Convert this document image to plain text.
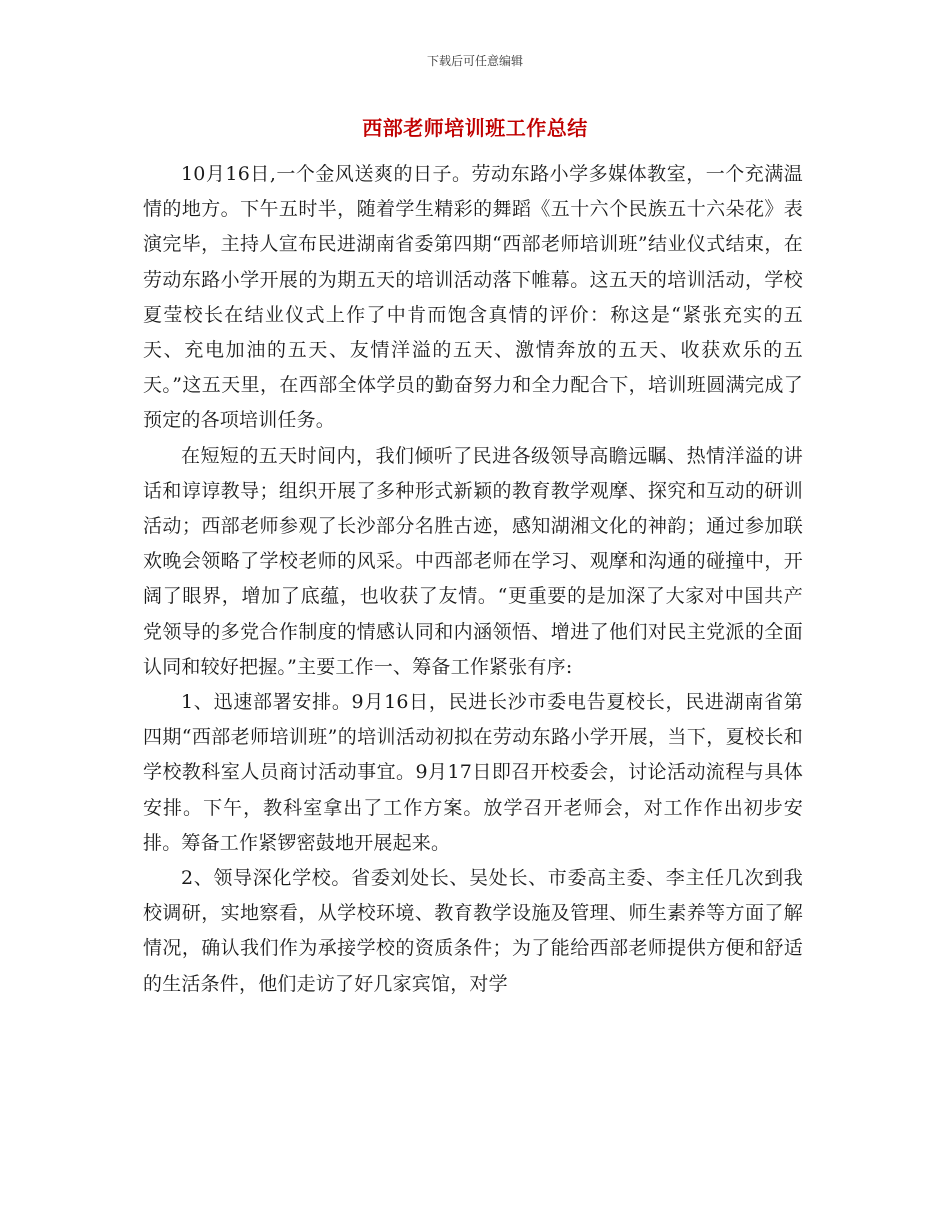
下载后可任意编辑
西部老师培训班工作总结

10月16日,一个金风送爽的日子。劳动东路小学多媒体教室，一个充满温情的地方。下午五时半，随着学生精彩的舞蹈《五十六个民族五十六朵花》表演完毕，主持人宣布民进湖南省委第四期“西部老师培训班”结业仪式结束，在劳动东路小学开展的为期五天的培训活动落下帷幕。这五天的培训活动，学校夏莹校长在结业仪式上作了中肯而饱含真情的评价：称这是“紧张充实的五天、充电加油的五天、友情洋溢的五天、激情奔放的五天、收获欢乐的五天。”这五天里，在西部全体学员的勤奋努力和全力配合下，培训班圆满完成了预定的各项培训任务。

在短短的五天时间内，我们倾听了民进各级领导高瞻远瞩、热情洋溢的讲话和谆谆教导；组织开展了多种形式新颖的教育教学观摩、探究和互动的研训活动；西部老师参观了长沙部分名胜古迹，感知湖湘文化的神韵；通过参加联欢晚会领略了学校老师的风采。中西部老师在学习、观摩和沟通的碰撞中，开阔了眼界，增加了底蕴，也收获了友情。“更重要的是加深了大家对中国共产党领导的多党合作制度的情感认同和内涵领悟、增进了他们对民主党派的全面认同和较好把握。”主要工作一、筹备工作紧张有序:

1、迅速部署安排。9月16日，民进长沙市委电告夏校长，民进湖南省第四期“西部老师培训班”的培训活动初拟在劳动东路小学开展，当下，夏校长和学校教科室人员商讨活动事宜。9月17日即召开校委会，讨论活动流程与具体安排。下午，教科室拿出了工作方案。放学召开老师会，对工作作出初步安排。筹备工作紧锣密鼓地开展起来。

2、领导深化学校。省委刘处长、吴处长、市委高主委、李主任几次到我校调研，实地察看，从学校环境、教育教学设施及管理、师生素养等方面了解情况，确认我们作为承接学校的资质条件；为了能给西部老师提供方便和舒适的生活条件，他们走访了好几家宾馆，对学
